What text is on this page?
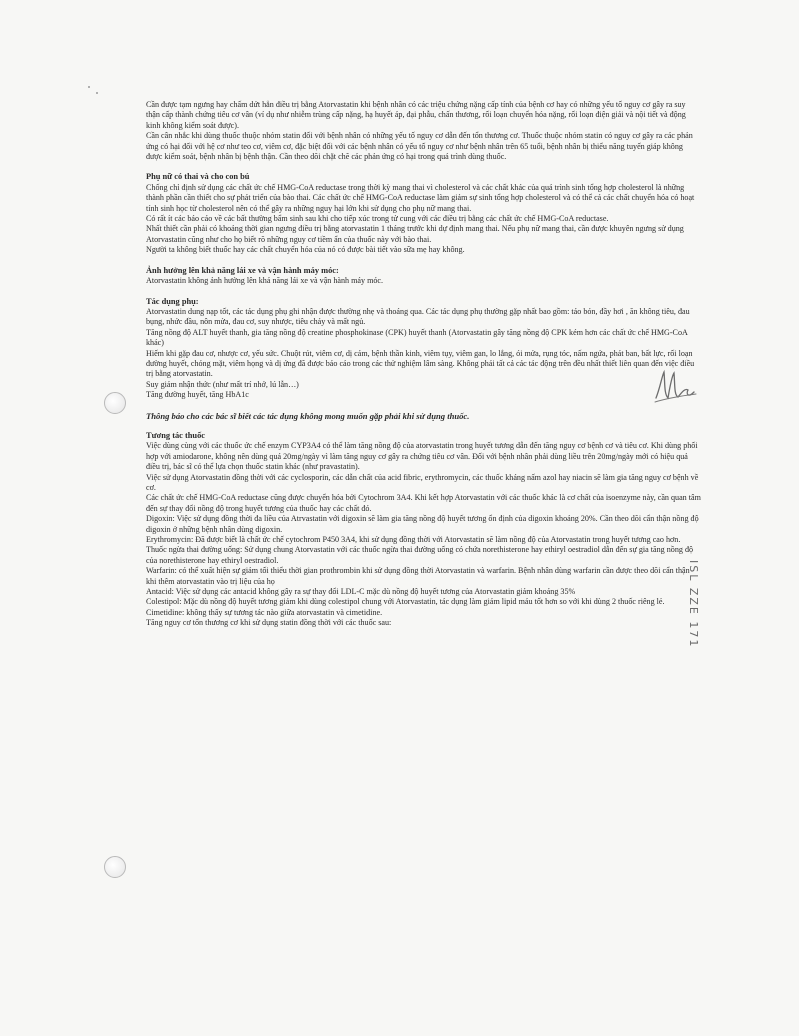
ISL ZZE 171

Cần được tạm ngưng hay chấm dứt hẳn điều trị bằng Atorvastatin khi bệnh nhân có các triệu chứng nặng cấp tính của bệnh cơ hay có những yếu tố nguy cơ gây ra suy thận cấp thành chứng tiêu cơ vân (ví dụ như nhiễm trùng cấp nặng, hạ huyết áp, đại phẫu, chấn thương, rối loạn chuyển hóa nặng, rối loạn điện giải và nội tiết và động kinh không kiểm soát được).

Cần cân nhắc khi dùng thuốc thuộc nhóm statin đối với bệnh nhân có những yếu tố nguy cơ dẫn đến tổn thương cơ. Thuốc thuộc nhóm statin có nguy cơ gây ra các phản ứng có hại đối với hệ cơ như teo cơ, viêm cơ, đặc biệt đối với các bệnh nhân có yếu tố nguy cơ như bệnh nhân trên 65 tuổi, bệnh nhân bị thiểu năng tuyến giáp không được kiểm soát, bệnh nhân bị bệnh thận. Cần theo dõi chặt chẽ các phản ứng có hại trong quá trình dùng thuốc.

Phụ nữ có thai và cho con bú

Chống chỉ định sử dụng các chất ức chế HMG-CoA reductase trong thời kỳ mang thai vì cholesterol và các chất khác của quá trình sinh tổng hợp cholesterol là những thành phần cần thiết cho sự phát triển của bào thai. Các chất ức chế HMG-CoA reductase làm giảm sự sinh tổng hợp cholesterol và có thể cả các chất chuyển hóa có hoạt tính sinh học từ cholesterol nên có thể gây ra những nguy hại lớn khi sử dụng cho phụ nữ mang thai.

Có rất ít các báo cáo về các bất thường bẩm sinh sau khi cho tiếp xúc trong tử cung với các điều trị bằng các chất ức chế HMG-CoA reductase.

Nhất thiết cần phải có khoảng thời gian ngưng điều trị bằng atorvastatin 1 tháng trước khi dự định mang thai. Nếu phụ nữ mang thai, cần được khuyên ngưng sử dụng Atorvastatin cũng như cho họ biết rõ những nguy cơ tiềm ẩn của thuốc này với bào thai.

Người ta không biết thuốc hay các chất chuyển hóa của nó có được bài tiết vào sữa mẹ hay không.

Ảnh hưởng lên khả năng lái xe và vận hành máy móc:

Atorvastatin không ảnh hưởng lên khả năng lái xe và vận hành máy móc.

Tác dụng phụ:

Atorvastatin dung nạp tốt, các tác dụng phụ ghi nhận được thường nhẹ và thoáng qua. Các tác dụng phụ thường gặp nhất bao gồm: táo bón, đầy hơi , ăn không tiêu, đau bụng, nhức đầu, nôn mửa, đau cơ, suy nhược, tiêu chảy và mất ngủ.

Tăng nồng độ ALT huyết thanh, gia tăng nồng độ creatine phosphokinase (CPK) huyết thanh (Atorvastatin gây tăng nồng độ CPK kém hơn các chất ức chế HMG-CoA khác)

Hiếm khi gặp đau cơ, nhược cơ, yếu sức. Chuột rút, viêm cơ, dị cảm, bệnh thần kinh, viêm tụy, viêm gan, lo lắng, ói mửa, rụng tóc, nấm ngứa, phát ban, bất lực, rối loạn đường huyết, chóng mặt, viêm họng và dị ứng đã được báo cáo trong các thử nghiệm lâm sàng. Không phải tất cả các tác động trên đều nhất thiết liên quan đến việc điều trị bằng atorvastatin.

Suy giảm nhận thức (như mất trí nhớ, lú lẫn…)

Tăng đường huyết, tăng HbA1c

Thông báo cho các bác sĩ biết các tác dụng không mong muốn gặp phải khi sử dụng thuốc.

Tương tác thuốc

Việc dùng cùng với các thuốc ức chế enzym CYP3A4 có thể làm tăng nồng độ của atorvastatin trong huyết tương dẫn đến tăng nguy cơ bệnh cơ và tiêu cơ. Khi dùng phối hợp với amiodarone, không nên dùng quá 20mg/ngày vì làm tăng nguy cơ gây ra chứng tiêu cơ vân. Đối với bệnh nhân phải dùng liều trên 20mg/ngày mới có hiệu quả điều trị, bác sĩ có thể lựa chọn thuốc statin khác (như pravastatin).

Việc sử dụng Atorvastatin đồng thời với các cyclosporin, các dẫn chất của acid fibric, erythromycin, các thuốc kháng nấm azol hay niacin sẽ làm gia tăng nguy cơ bệnh về cơ.

Các chất ức chế HMG-CoA reductase cũng được chuyển hóa bởi Cytochrom 3A4. Khi kết hợp Atorvastatin với các thuốc khác là cơ chất của isoenzyme này, cần quan tâm đến sự thay đổi nồng độ trong huyết tương của thuốc hay các chất đó.

Digoxin: Việc sử dụng đồng thời đa liều của Atrvastatin với digoxin sẽ làm gia tăng nồng độ huyết tương ổn định của digoxin khoảng 20%. Cần theo dõi cẩn thận nồng độ digoxin ở những bệnh nhân dùng digoxin.

Erythromycin: Đã được biết là chất ức chế cytochrom P450 3A4, khi sử dụng đồng thời với Atorvastatin sẽ làm nồng độ của Atorvastatin trong huyết tương cao hơn.

Thuốc ngừa thai đường uống: Sử dụng chung Atorvastatin với các thuốc ngừa thai đường uống có chứa norethisterone hay ethiryl oestradiol dẫn đến sự gia tăng nồng độ của norethisterone hay ethiryl oestradiol.

Warfarin: có thể xuất hiện sự giảm tối thiểu thời gian prothrombin khi sử dụng đồng thời Atorvastatin và warfarin. Bệnh nhân dùng warfarin cần được theo dõi cẩn thận khi thêm atorvastatin vào trị liệu của họ

Antacid: Việc sử dụng các antacid không gây ra sự thay đổi LDL-C mặc dù nồng độ huyết tương của Atorvastatin giảm khoảng 35%

Colestipol: Mặc dù nồng độ huyết tương giảm khi dùng colestipol chung với Atorvastatin, tác dụng làm giảm lipid máu tốt hơn so với khi dùng 2 thuốc riêng lẻ.

Cimetidine: không thấy sự tương tác nào giữa atorvastatin và cimetidine.

Tăng nguy cơ tổn thương cơ khi sử dụng statin đồng thời với các thuốc sau:
